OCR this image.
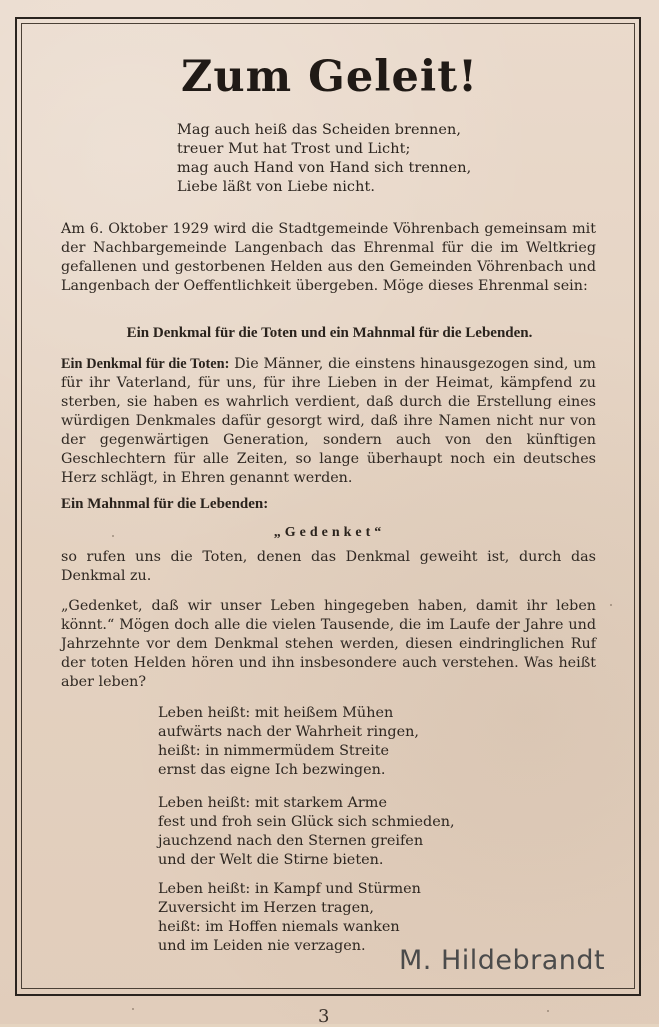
Zum Geleit!
Mag auch heiß das Scheiden brennen,
treuer Mut hat Trost und Licht;
mag auch Hand von Hand sich trennen,
Liebe läßt von Liebe nicht.
Am 6. Oktober 1929 wird die Stadtgemeinde Vöhrenbach gemeinsam mit der Nachbargemeinde Langenbach das Ehrenmal für die im Weltkrieg gefallenen und gestorbenen Helden aus den Gemeinden Vöhrenbach und Langenbach der Oeffentlichkeit übergeben. Möge dieses Ehrenmal sein:
Ein Denkmal für die Toten und ein Mahnmal für die Lebenden.
Ein Denkmal für die Toten: Die Männer, die einstens hinausgezogen sind, um für ihr Vaterland, für uns, für ihre Lieben in der Heimat, kämpfend zu sterben, sie haben es wahrlich verdient, daß durch die Erstellung eines würdigen Denkmales dafür gesorgt wird, daß ihre Namen nicht nur von der gegenwärtigen Generation, sondern auch von den künftigen Geschlechtern für alle Zeiten, so lange überhaupt noch ein deutsches Herz schlägt, in Ehren genannt werden.
Ein Mahnmal für die Lebenden:
„Gedenket“
so rufen uns die Toten, denen das Denkmal geweiht ist, durch das Denkmal zu.
„Gedenket, daß wir unser Leben hingegeben haben, damit ihr leben könnt.“ Mögen doch alle die vielen Tausende, die im Laufe der Jahre und Jahrzehnte vor dem Denkmal stehen werden, diesen eindringlichen Ruf der toten Helden hören und ihn insbesondere auch verstehen. Was heißt aber leben?
Leben heißt: mit heißem Mühen
aufwärts nach der Wahrheit ringen,
heißt: in nimmermüdem Streite
ernst das eigne Ich bezwingen.
Leben heißt: mit starkem Arme
fest und froh sein Glück sich schmieden,
jauchzend nach den Sternen greifen
und der Welt die Stirne bieten.
Leben heißt: in Kampf und Stürmen
Zuversicht im Herzen tragen,
heißt: im Hoffen niemals wanken
und im Leiden nie verzagen.	M. Hildebrandt
3
